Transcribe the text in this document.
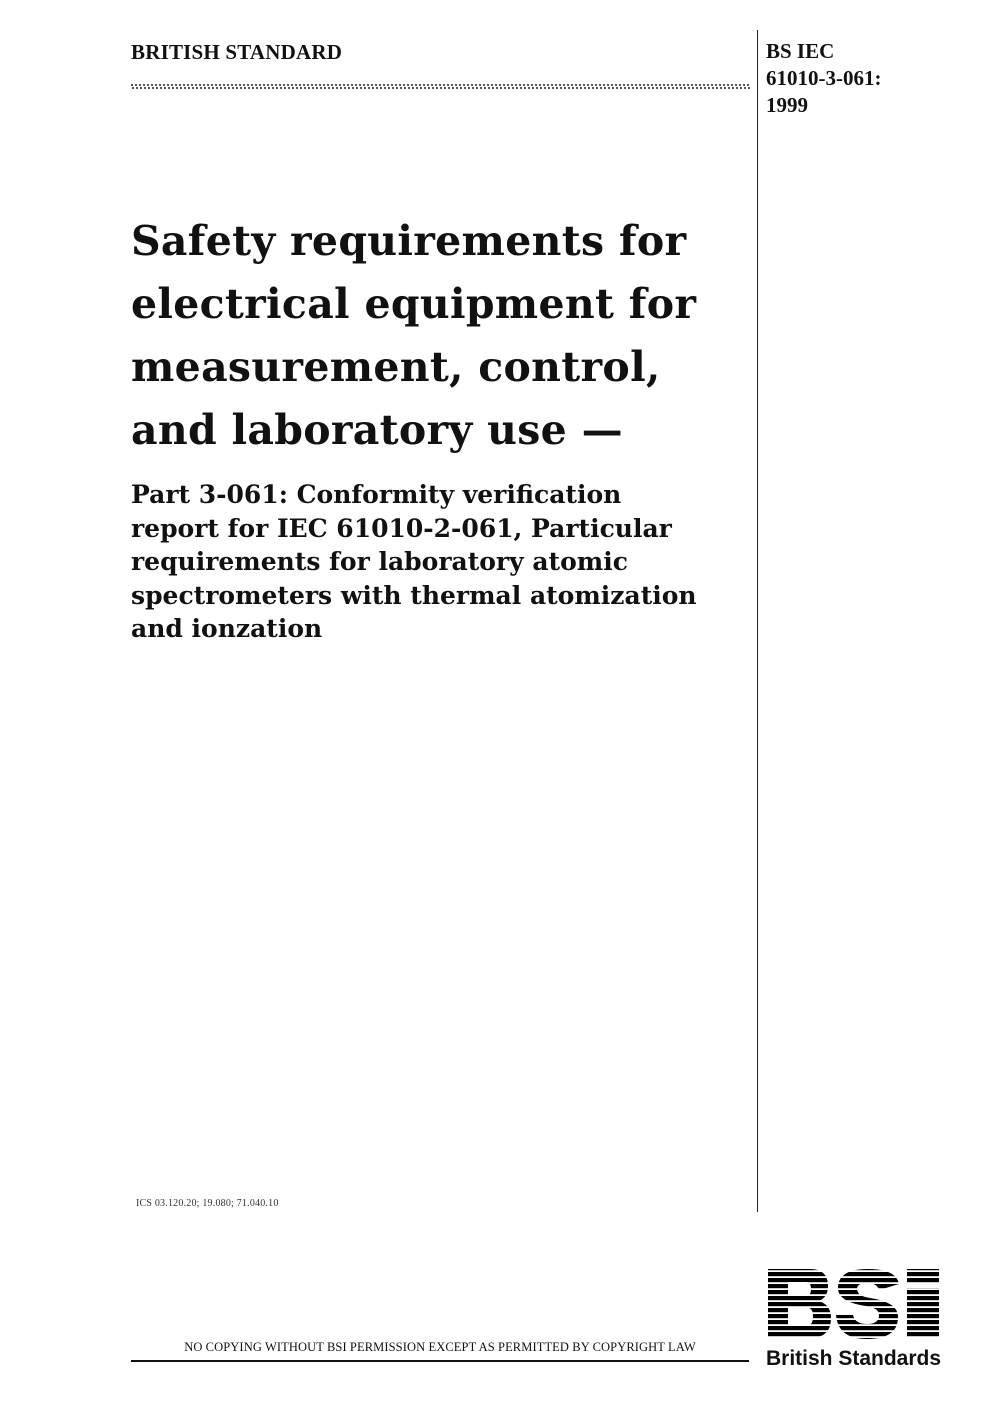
BRITISH STANDARD	BS IEC
61010-3-061:
1999
Safety requirements for
electrical equipment for
measurement, control,
and laboratory use —
Part 3-061: Conformity verification
report for IEC 61010-2-061, Particular
requirements for laboratory atomic
spectrometers with thermal atomization
and ionzation
ICS 03.120.20; 19.080; 71.040.10
NO COPYING WITHOUT BSI PERMISSION EXCEPT AS PERMITTED BY COPYRIGHT LAW	British Standards
